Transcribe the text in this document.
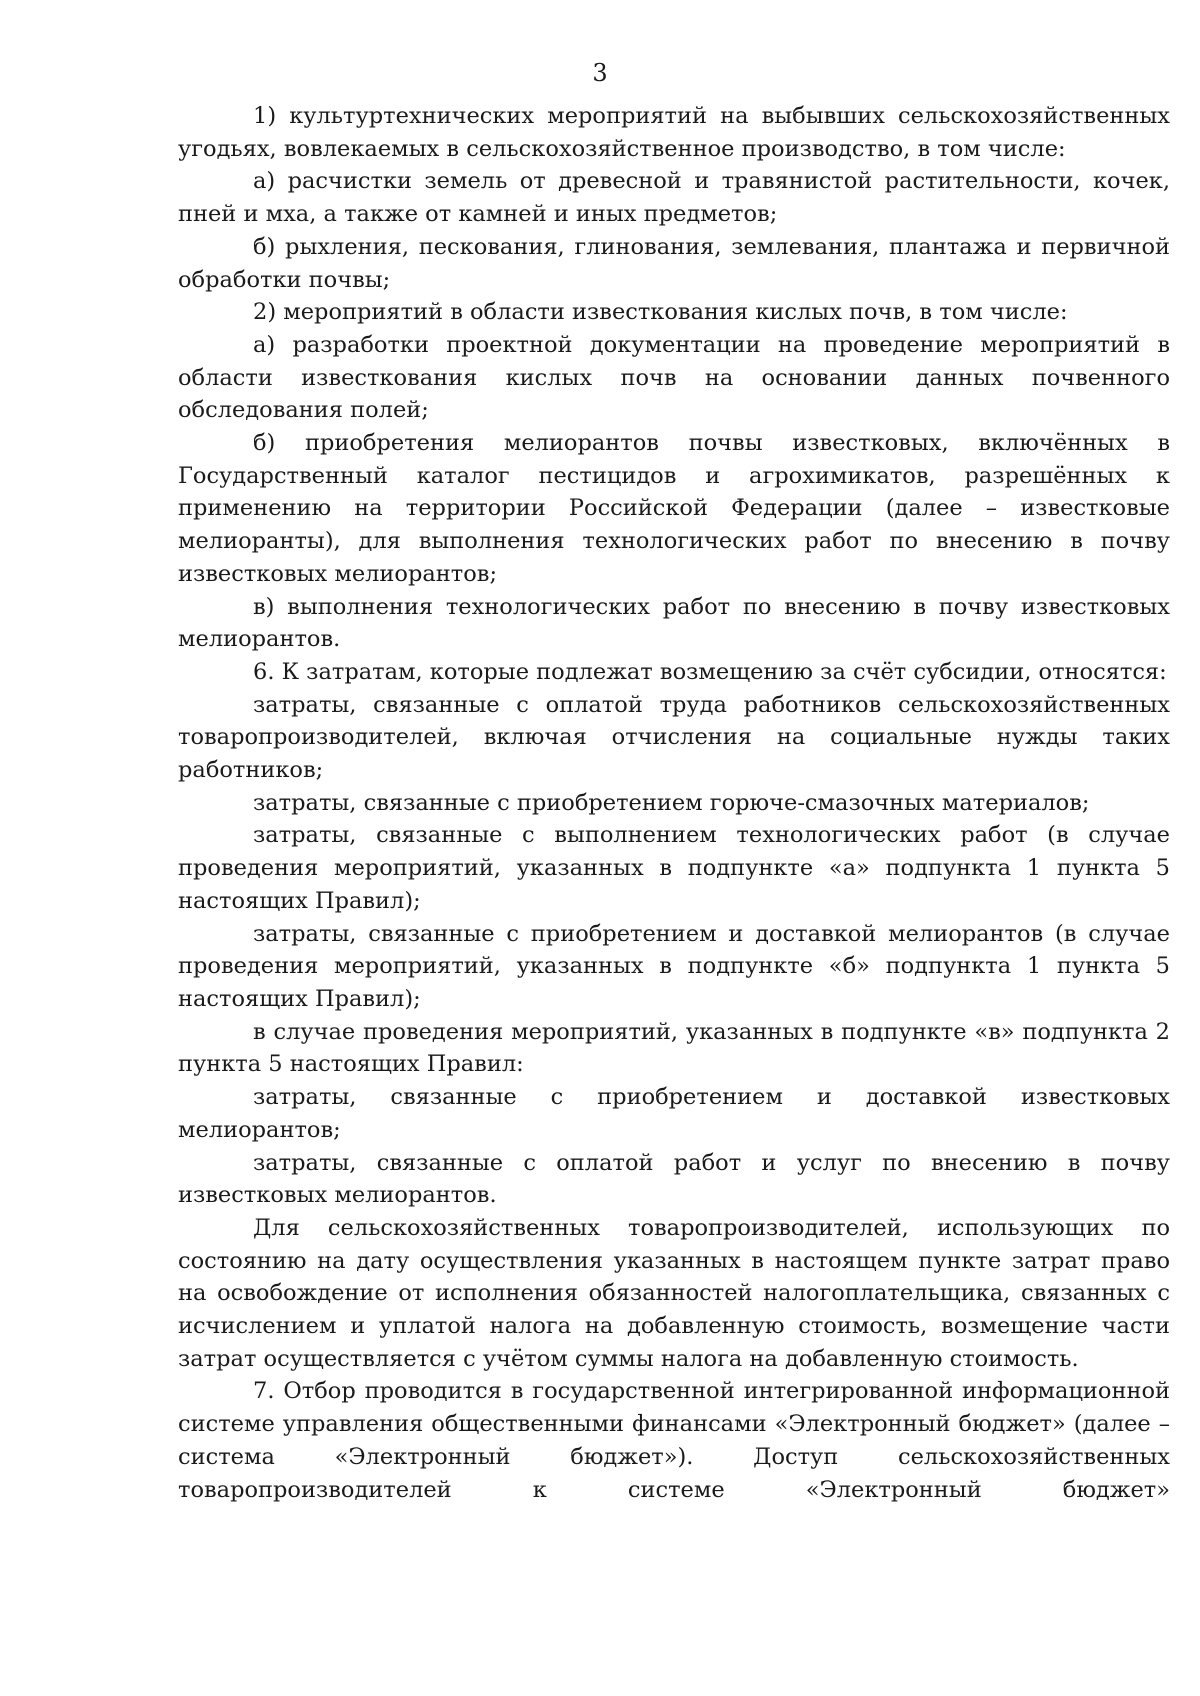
3

1) культуртехнических мероприятий на выбывших сельскохозяйственных угодьях, вовлекаемых в сельскохозяйственное производство, в том числе:

а) расчистки земель от древесной и травянистой растительности, кочек, пней и мха, а также от камней и иных предметов;

б) рыхления, пескования, глинования, землевания, плантажа и первичной обработки почвы;

2) мероприятий в области известкования кислых почв, в том числе:

а) разработки проектной документации на проведение мероприятий в области известкования кислых почв на основании данных почвенного обследования полей;

б) приобретения мелиорантов почвы известковых, включённых в Государственный каталог пестицидов и агрохимикатов, разрешённых к применению на территории Российской Федерации (далее – известковые мелиоранты), для выполнения технологических работ по внесению в почву известковых мелиорантов;

в) выполнения технологических работ по внесению в почву известковых мелиорантов.

6. К затратам, которые подлежат возмещению за счёт субсидии, относятся:

затраты, связанные с оплатой труда работников сельскохозяйственных товаропроизводителей, включая отчисления на социальные нужды таких работников;

затраты, связанные с приобретением горюче-смазочных материалов;

затраты, связанные с выполнением технологических работ (в случае проведения мероприятий, указанных в подпункте «а» подпункта 1 пункта 5 настоящих Правил);

затраты, связанные с приобретением и доставкой мелиорантов (в случае проведения мероприятий, указанных в подпункте «б» подпункта 1 пункта 5 настоящих Правил);

в случае проведения мероприятий, указанных в подпункте «в» подпункта 2 пункта 5 настоящих Правил:

затраты, связанные с приобретением и доставкой известковых мелиорантов;

затраты, связанные с оплатой работ и услуг по внесению в почву известковых мелиорантов.

Для сельскохозяйственных товаропроизводителей, использующих по состоянию на дату осуществления указанных в настоящем пункте затрат право на освобождение от исполнения обязанностей налогоплательщика, связанных с исчислением и уплатой налога на добавленную стоимость, возмещение части затрат осуществляется с учётом суммы налога на добавленную стоимость.

7. Отбор проводится в государственной интегрированной информационной системе управления общественными финансами «Электронный бюджет» (далее – система «Электронный бюджет»). Доступ сельскохозяйственных товаропроизводителей к системе «Электронный бюджет»
